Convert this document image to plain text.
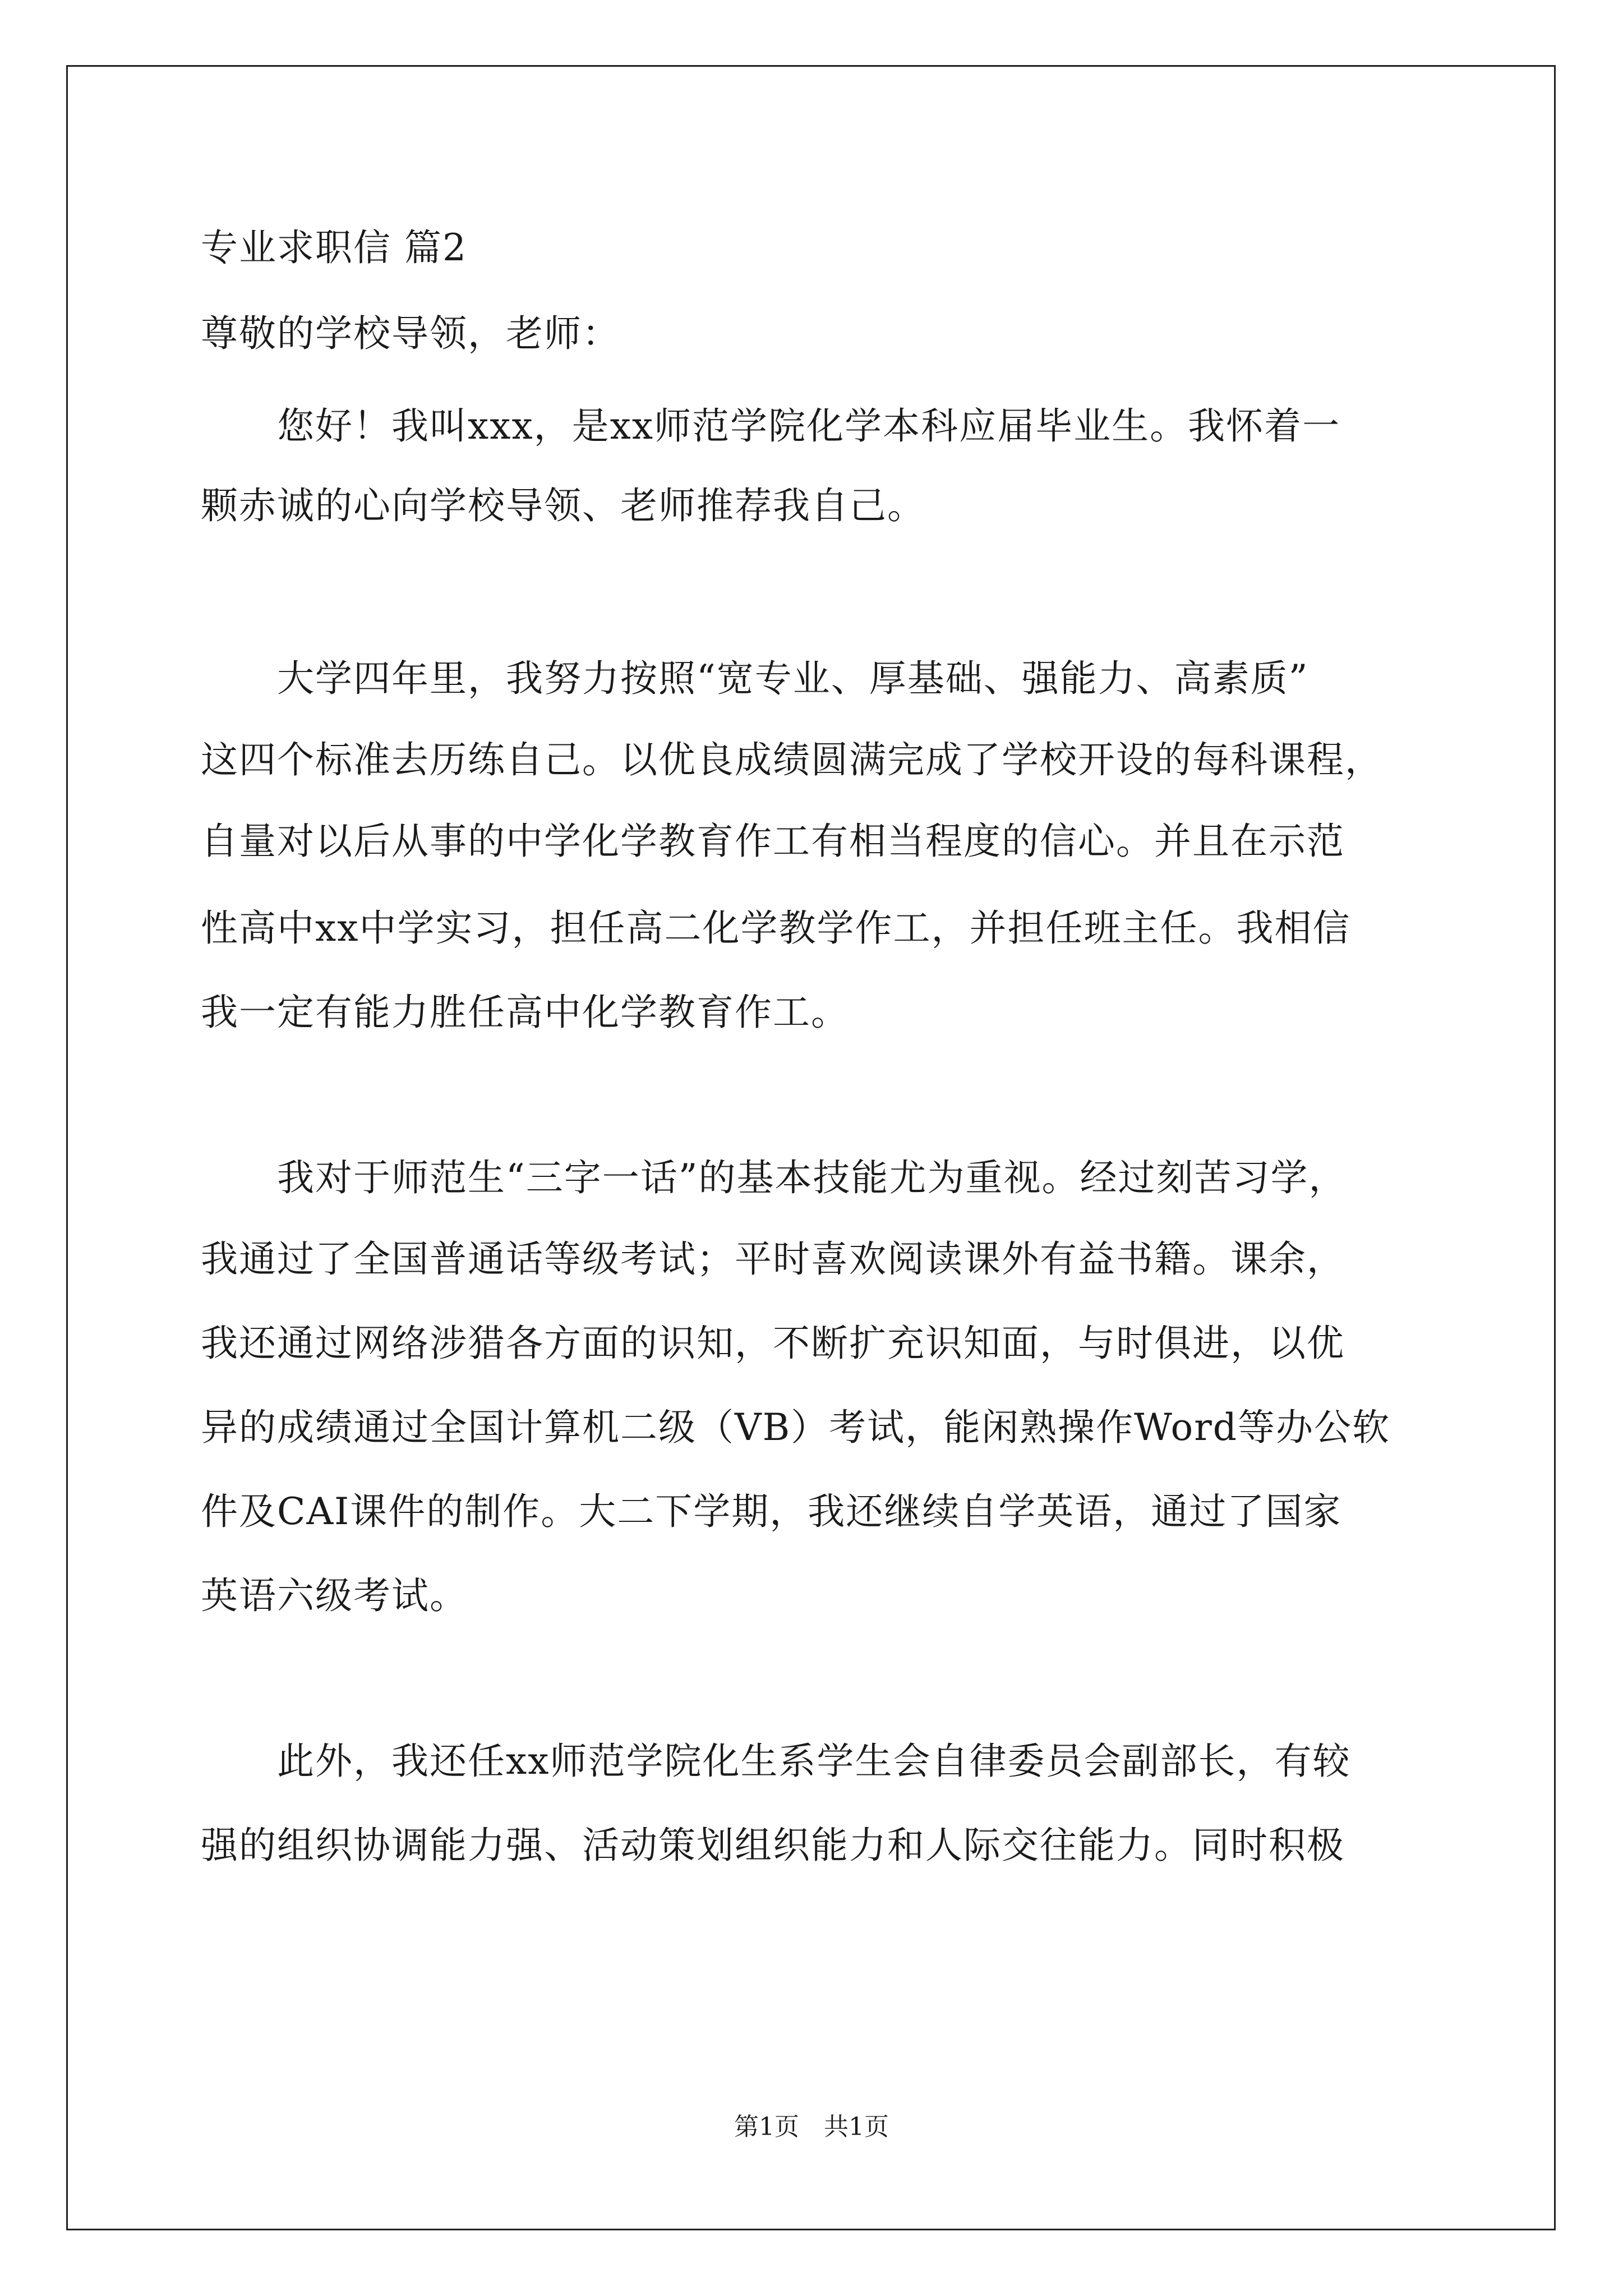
专业求职信 篇2
尊敬的学校导领，老师：
　　您好！我叫xxx，是xx师范学院化学本科应届毕业生。我怀着一
颗赤诚的心向学校导领、老师推荐我自己。
　　大学四年里，我努力按照“宽专业、厚基础、强能力、高素质”
这四个标准去历练自己。以优良成绩圆满完成了学校开设的每科课程，
自量对以后从事的中学化学教育作工有相当程度的信心。并且在示范
性高中xx中学实习，担任高二化学教学作工，并担任班主任。我相信
我一定有能力胜任高中化学教育作工。
　　我对于师范生“三字一话”的基本技能尤为重视。经过刻苦习学，
我通过了全国普通话等级考试；平时喜欢阅读课外有益书籍。课余，
我还通过网络涉猎各方面的识知，不断扩充识知面，与时俱进，以优
异的成绩通过全国计算机二级（VB）考试，能闲熟操作Word等办公软
件及CAI课件的制作。大二下学期，我还继续自学英语，通过了国家
英语六级考试。
　　此外，我还任xx师范学院化生系学生会自律委员会副部长，有较
强的组织协调能力强、活动策划组织能力和人际交往能力。同时积极
第1页　共1页
